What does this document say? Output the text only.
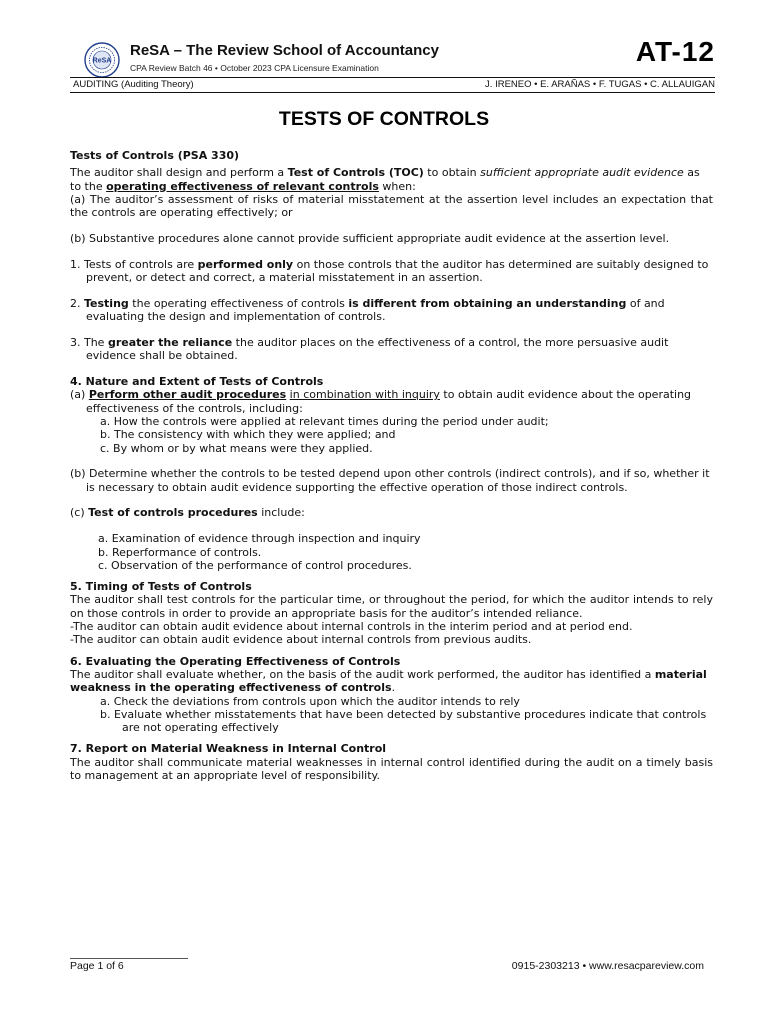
ReSA
ReSA – The Review School of Accountancy
CPA Review Batch 46 • October 2023 CPA Licensure Examination
AT-12
AUDITING (Auditing Theory)	J. IRENEO • E. ARAÑAS • F. TUGAS • C. ALLAUIGAN
TESTS OF CONTROLS

Tests of Controls (PSA 330)

The auditor shall design and perform a Test of Controls (TOC) to obtain sufficient appropriate audit evidence as to the operating effectiveness of relevant controls when:

(a) The auditor’s assessment of risks of material misstatement at the assertion level includes an expectation that the controls are operating effectively; or

(b) Substantive procedures alone cannot provide sufficient appropriate audit evidence at the assertion level.

1. Tests of controls are performed only on those controls that the auditor has determined are suitably designed to prevent, or detect and correct, a material misstatement in an assertion.

2. Testing the operating effectiveness of controls is different from obtaining an understanding of and evaluating the design and implementation of controls.

3. The greater the reliance the auditor places on the effectiveness of a control, the more persuasive audit evidence shall be obtained.

4. Nature and Extent of Tests of Controls

(a) Perform other audit procedures in combination with inquiry to obtain audit evidence about the operating effectiveness of the controls, including:

a. How the controls were applied at relevant times during the period under audit;

b. The consistency with which they were applied; and

c. By whom or by what means were they applied.

(b) Determine whether the controls to be tested depend upon other controls (indirect controls), and if so, whether it is necessary to obtain audit evidence supporting the effective operation of those indirect controls.

(c) Test of controls procedures include:

a. Examination of evidence through inspection and inquiry

b. Reperformance of controls.

c. Observation of the performance of control procedures.

5. Timing of Tests of Controls

The auditor shall test controls for the particular time, or throughout the period, for which the auditor intends to rely on those controls in order to provide an appropriate basis for the auditor’s intended reliance.

-The auditor can obtain audit evidence about internal controls in the interim period and at period end.

-The auditor can obtain audit evidence about internal controls from previous audits.

6. Evaluating the Operating Effectiveness of Controls

The auditor shall evaluate whether, on the basis of the audit work performed, the auditor has identified a material weakness in the operating effectiveness of controls.

a. Check the deviations from controls upon which the auditor intends to rely

b. Evaluate whether misstatements that have been detected by substantive procedures indicate that controls are not operating effectively

7. Report on Material Weakness in Internal Control

The auditor shall communicate material weaknesses in internal control identified during the audit on a timely basis to management at an appropriate level of responsibility.

Page 1 of 6	0915-2303213 • www.resacpareview.com
